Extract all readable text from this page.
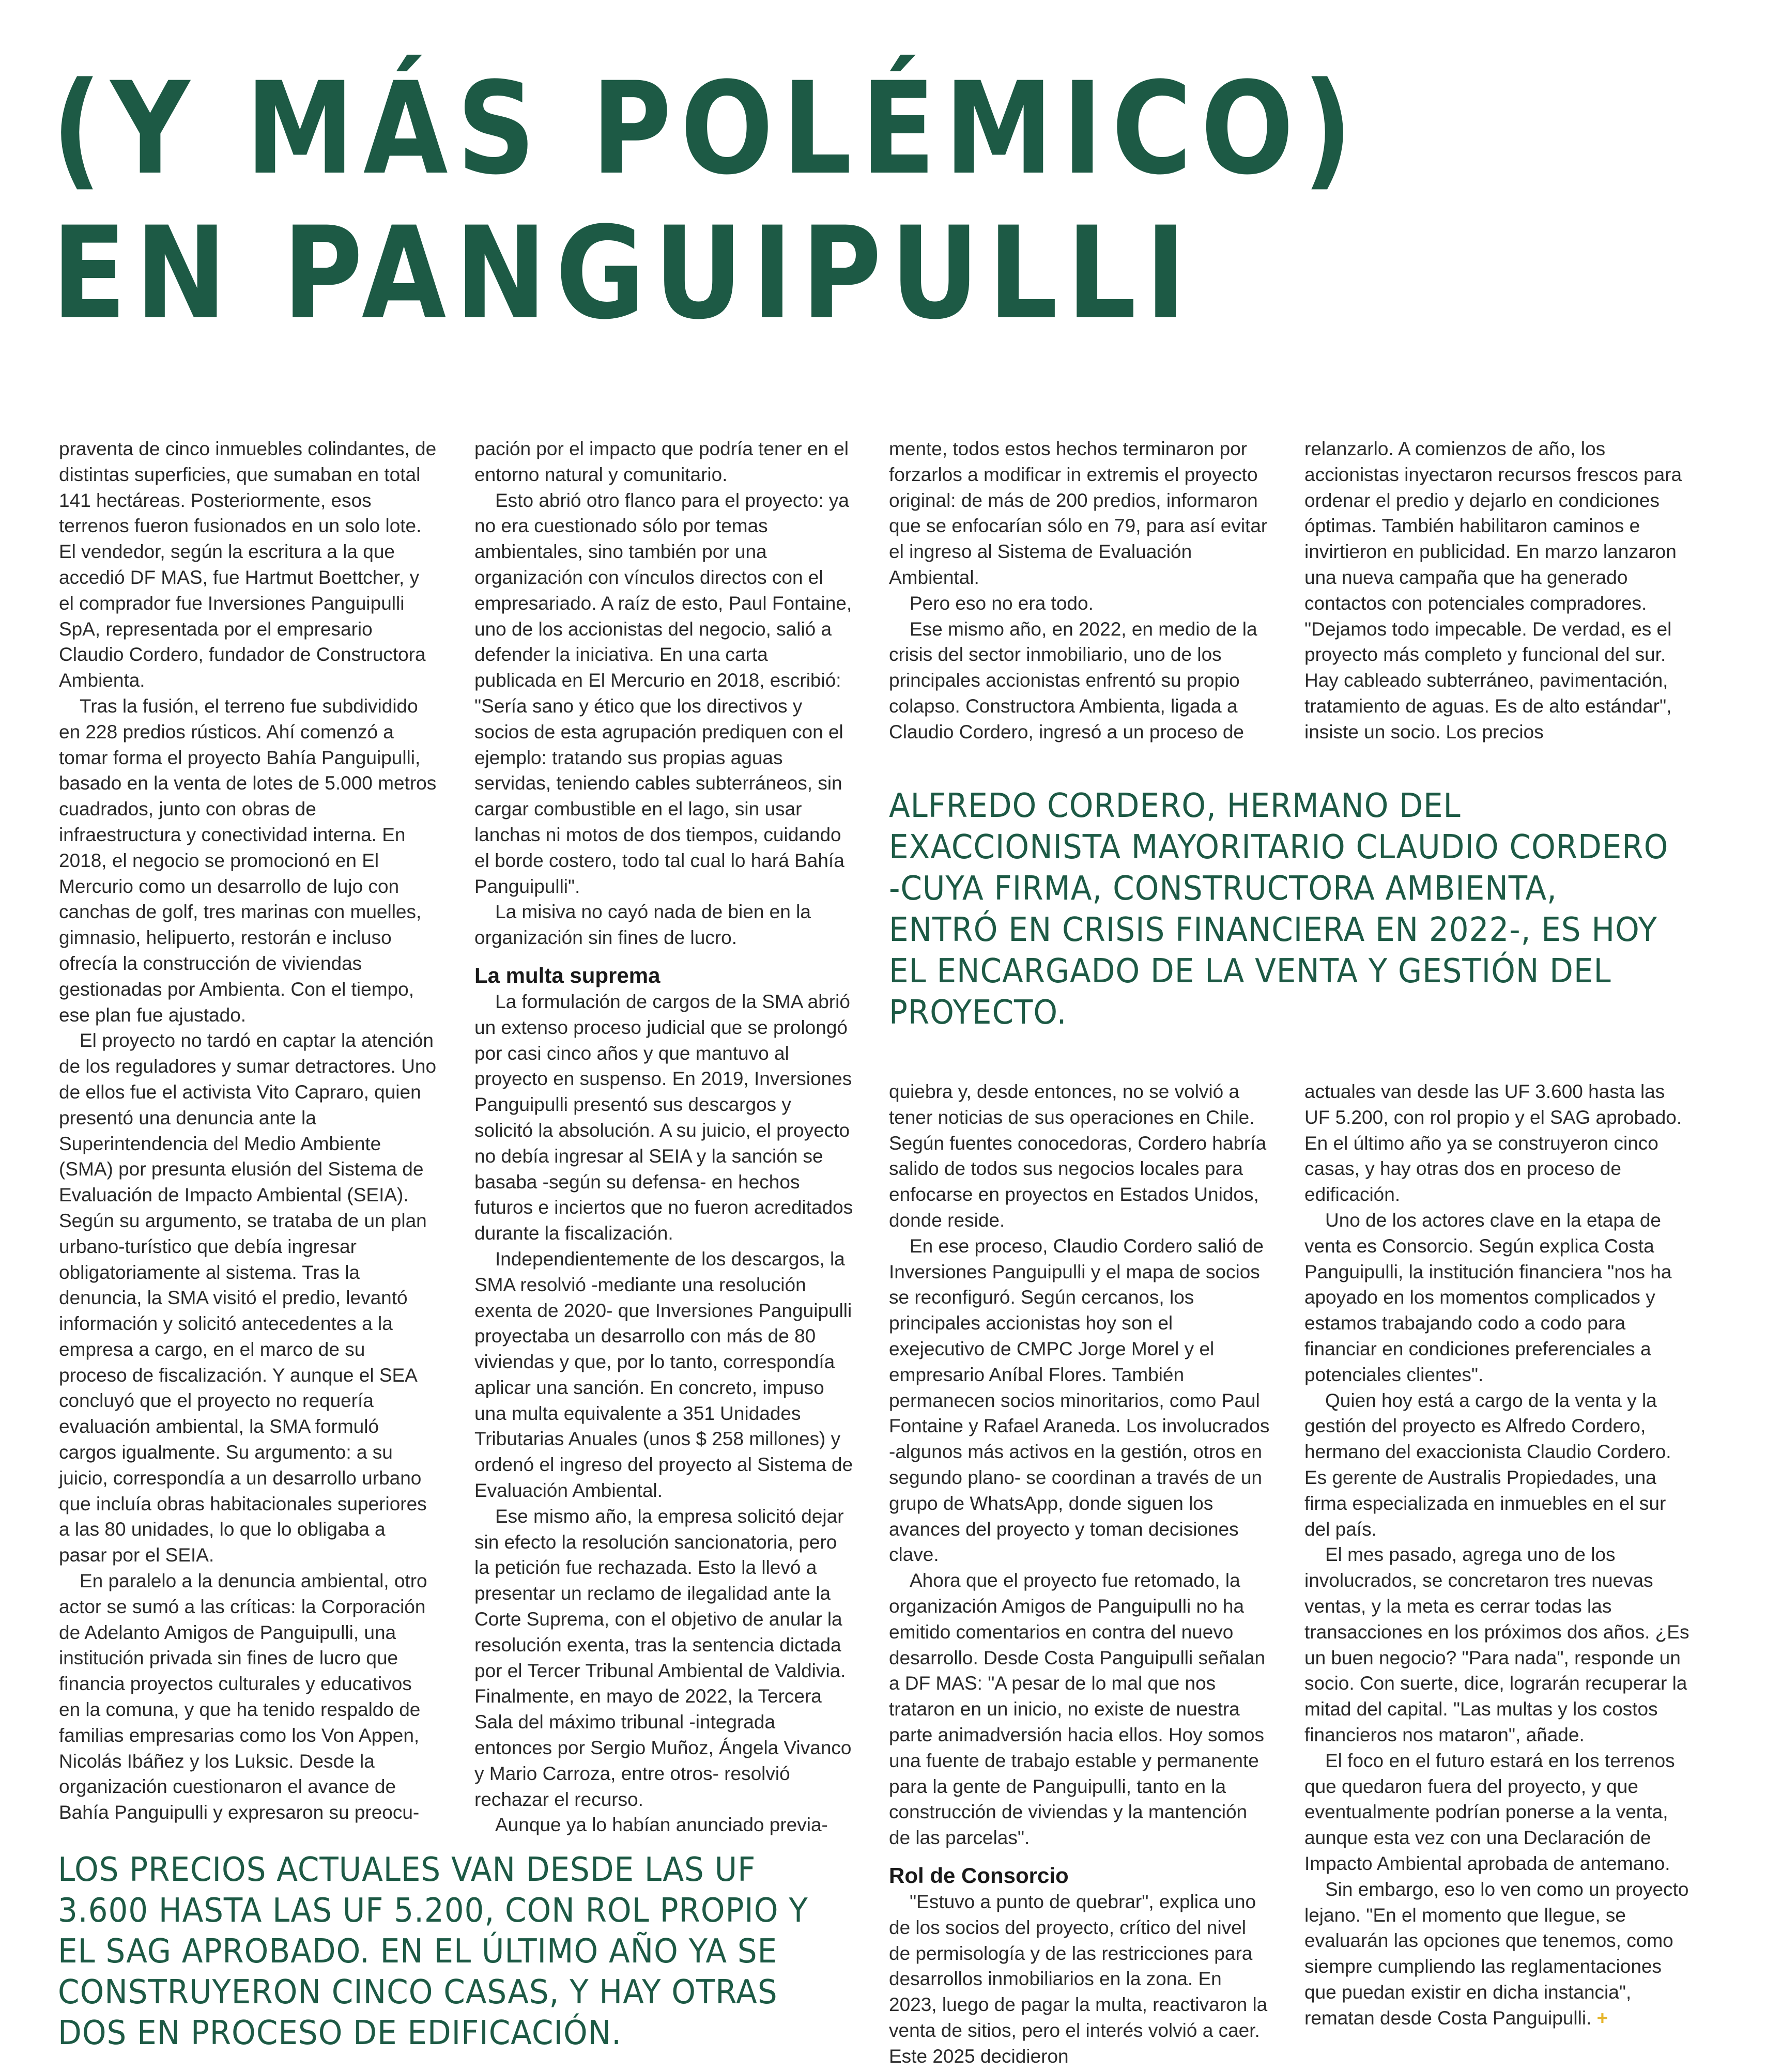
(Y MÁS POLÉMICO)
EN PANGUIPULLI

praventa de cinco inmuebles colindantes, de distintas superficies, que sumaban en total 141 hectáreas. Posteriormente, esos terrenos fueron fusionados en un solo lote. El vendedor, según la escritura a la que accedió DF MAS, fue Hartmut Boettcher, y el comprador fue Inversiones Panguipulli SpA, representada por el empresario Claudio Cordero, fundador de Constructora Ambienta.

Tras la fusión, el terreno fue subdividido en 228 predios rústicos. Ahí comenzó a tomar forma el proyecto Bahía Panguipulli, basado en la venta de lotes de 5.000 metros cuadrados, junto con obras de infraestructura y conectividad interna. En 2018, el negocio se promocionó en El Mercurio como un desarrollo de lujo con canchas de golf, tres marinas con muelles, gimnasio, helipuerto, restorán e incluso ofrecía la construcción de viviendas gestionadas por Ambienta. Con el tiempo, ese plan fue ajustado.

El proyecto no tardó en captar la atención de los reguladores y sumar detractores. Uno de ellos fue el activista Vito Capraro, quien presentó una denuncia ante la Superintendencia del Medio Ambiente (SMA) por presunta elusión del Sistema de Evaluación de Impacto Ambiental (SEIA). Según su argumento, se trataba de un plan urbano-turístico que debía ingresar obligatoriamente al sistema. Tras la denuncia, la SMA visitó el predio, levantó información y solicitó antecedentes a la empresa a cargo, en el marco de su proceso de fiscalización. Y aunque el SEA concluyó que el proyecto no requería evaluación ambiental, la SMA formuló cargos igualmente. Su argumento: a su juicio, correspondía a un desarrollo urbano que incluía obras habitacionales superiores a las 80 unidades, lo que lo obligaba a pasar por el SEIA.

En paralelo a la denuncia ambiental, otro actor se sumó a las críticas: la Corporación de Adelanto Amigos de Panguipulli, una institución privada sin fines de lucro que financia proyectos culturales y educativos en la comuna, y que ha tenido respaldo de familias empresarias como los Von Appen, Nicolás Ibáñez y los Luksic. Desde la organización cuestionaron el avance de Bahía Panguipulli y expresaron su preocu-

pación por el impacto que podría tener en el entorno natural y comunitario.

Esto abrió otro flanco para el proyecto: ya no era cuestionado sólo por temas ambientales, sino también por una organización con vínculos directos con el empresariado. A raíz de esto, Paul Fontaine, uno de los accionistas del negocio, salió a defender la iniciativa. En una carta publicada en El Mercurio en 2018, escribió: "Sería sano y ético que los directivos y socios de esta agrupación prediquen con el ejemplo: tratando sus propias aguas servidas, teniendo cables subterráneos, sin cargar combustible en el lago, sin usar lanchas ni motos de dos tiempos, cuidando el borde costero, todo tal cual lo hará Bahía Panguipulli".

La misiva no cayó nada de bien en la organización sin fines de lucro.

La multa suprema

La formulación de cargos de la SMA abrió un extenso proceso judicial que se prolongó por casi cinco años y que mantuvo al proyecto en suspenso. En 2019, Inversiones Panguipulli presentó sus descargos y solicitó la absolución. A su juicio, el proyecto no debía ingresar al SEIA y la sanción se basaba -según su defensa- en hechos futuros e inciertos que no fueron acreditados durante la fiscalización.

Independientemente de los descargos, la SMA resolvió -mediante una resolución exenta de 2020- que Inversiones Panguipulli proyectaba un desarrollo con más de 80 viviendas y que, por lo tanto, correspondía aplicar una sanción. En concreto, impuso una multa equivalente a 351 Unidades Tributarias Anuales (unos $ 258 millones) y ordenó el ingreso del proyecto al Sistema de Evaluación Ambiental.

Ese mismo año, la empresa solicitó dejar sin efecto la resolución sancionatoria, pero la petición fue rechazada. Esto la llevó a presentar un reclamo de ilegalidad ante la Corte Suprema, con el objetivo de anular la resolución exenta, tras la sentencia dictada por el Tercer Tribunal Ambiental de Valdivia. Finalmente, en mayo de 2022, la Tercera Sala del máximo tribunal -integrada entonces por Sergio Muñoz, Ángela Vivanco y Mario Carroza, entre otros- resolvió rechazar el recurso.

Aunque ya lo habían anunciado previa-

mente, todos estos hechos terminaron por forzarlos a modificar in extremis el proyecto original: de más de 200 predios, informaron que se enfocarían sólo en 79, para así evitar el ingreso al Sistema de Evaluación Ambiental.

Pero eso no era todo.

Ese mismo año, en 2022, en medio de la crisis del sector inmobiliario, uno de los principales accionistas enfrentó su propio colapso. Constructora Ambienta, ligada a Claudio Cordero, ingresó a un proceso de

relanzarlo. A comienzos de año, los accionistas inyectaron recursos frescos para ordenar el predio y dejarlo en condiciones óptimas. También habilitaron caminos e invirtieron en publicidad. En marzo lanzaron una nueva campaña que ha generado contactos con potenciales compradores. "Dejamos todo impecable. De verdad, es el proyecto más completo y funcional del sur. Hay cableado subterráneo, pavimentación, tratamiento de aguas. Es de alto estándar", insiste un socio. Los precios

ALFREDO CORDERO, HERMANO DEL EXACCIONISTA MAYORITARIO CLAUDIO CORDERO -CUYA FIRMA, CONSTRUCTORA AMBIENTA, ENTRÓ EN CRISIS FINANCIERA EN 2022-, ES HOY EL ENCARGADO DE LA VENTA Y GESTIÓN DEL PROYECTO.

quiebra y, desde entonces, no se volvió a tener noticias de sus operaciones en Chile. Según fuentes conocedoras, Cordero habría salido de todos sus negocios locales para enfocarse en proyectos en Estados Unidos, donde reside.

En ese proceso, Claudio Cordero salió de Inversiones Panguipulli y el mapa de socios se reconfiguró. Según cercanos, los principales accionistas hoy son el exejecutivo de CMPC Jorge Morel y el empresario Aníbal Flores. También permanecen socios minoritarios, como Paul Fontaine y Rafael Araneda. Los involucrados -algunos más activos en la gestión, otros en segundo plano- se coordinan a través de un grupo de WhatsApp, donde siguen los avances del proyecto y toman decisiones clave.

Ahora que el proyecto fue retomado, la organización Amigos de Panguipulli no ha emitido comentarios en contra del nuevo desarrollo. Desde Costa Panguipulli señalan a DF MAS: "A pesar de lo mal que nos trataron en un inicio, no existe de nuestra parte animadversión hacia ellos. Hoy somos una fuente de trabajo estable y permanente para la gente de Panguipulli, tanto en la construcción de viviendas y la mantención de las parcelas".

Rol de Consorcio

"Estuvo a punto de quebrar", explica uno de los socios del proyecto, crítico del nivel de permisología y de las restricciones para desarrollos inmobiliarios en la zona. En 2023, luego de pagar la multa, reactivaron la venta de sitios, pero el interés volvió a caer. Este 2025 decidieron

actuales van desde las UF 3.600 hasta las UF 5.200, con rol propio y el SAG aprobado. En el último año ya se construyeron cinco casas, y hay otras dos en proceso de edificación.

Uno de los actores clave en la etapa de venta es Consorcio. Según explica Costa Panguipulli, la institución financiera "nos ha apoyado en los momentos complicados y estamos trabajando codo a codo para financiar en condiciones preferenciales a potenciales clientes".

Quien hoy está a cargo de la venta y la gestión del proyecto es Alfredo Cordero, hermano del exaccionista Claudio Cordero. Es gerente de Australis Propiedades, una firma especializada en inmuebles en el sur del país.

El mes pasado, agrega uno de los involucrados, se concretaron tres nuevas ventas, y la meta es cerrar todas las transacciones en los próximos dos años. ¿Es un buen negocio? "Para nada", responde un socio. Con suerte, dice, lograrán recuperar la mitad del capital. "Las multas y los costos financieros nos mataron", añade.

El foco en el futuro estará en los terrenos que quedaron fuera del proyecto, y que eventualmente podrían ponerse a la venta, aunque esta vez con una Declaración de Impacto Ambiental aprobada de antemano.

Sin embargo, eso lo ven como un proyecto lejano. "En el momento que llegue, se evaluarán las opciones que tenemos, como siempre cumpliendo las reglamentaciones que puedan existir en dicha instancia", rematan desde Costa Panguipulli. +

LOS PRECIOS ACTUALES VAN DESDE LAS UF 3.600 HASTA LAS UF 5.200, CON ROL PROPIO Y EL SAG APROBADO. EN EL ÚLTIMO AÑO YA SE CONSTRUYERON CINCO CASAS, Y HAY OTRAS DOS EN PROCESO DE EDIFICACIÓN.
